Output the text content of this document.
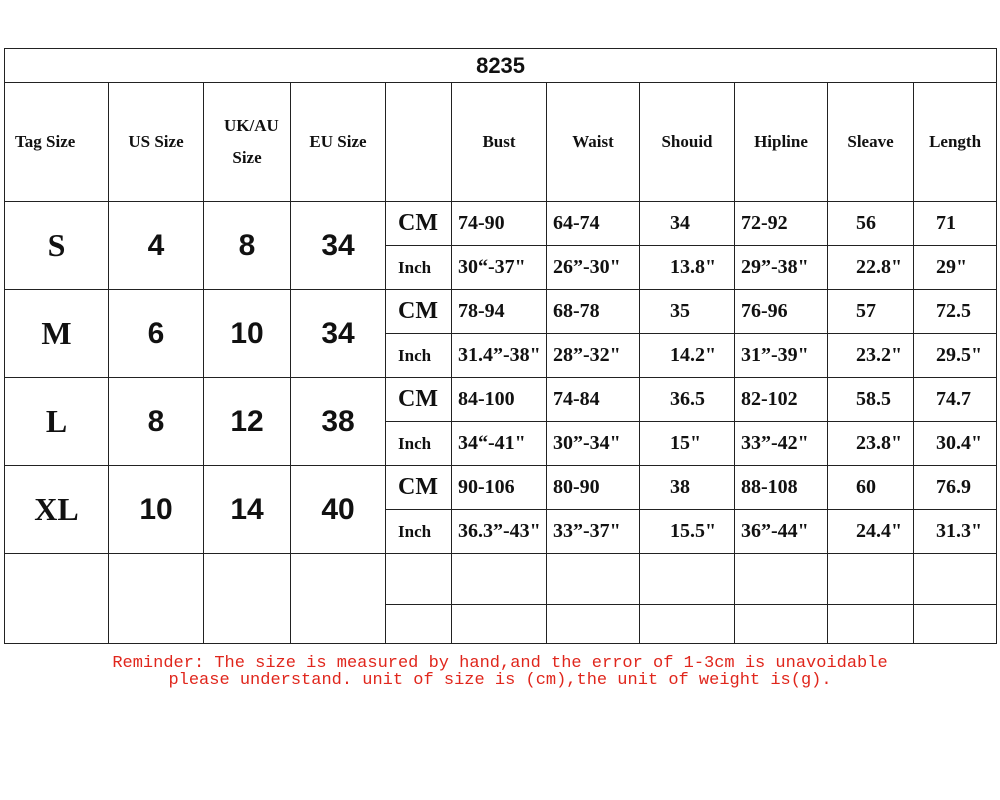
8235										
Tag Size	US Size	UK/AU Size	EU Size		Bust	Waist	Shouid	Hipline	Sleave	Length
S	4	8	34	CM	74-90	64-74	34	72-92	56	71
				Inch	30“-37"	26”-30"	13.8"	29”-38"	22.8"	29"
M	6	10	34	CM	78-94	68-78	35	76-96	57	72.5
				Inch	31.4”-38"	28”-32"	14.2"	31”-39"	23.2"	29.5"
L	8	12	38	CM	84-100	74-84	36.5	82-102	58.5	74.7
				Inch	34“-41"	30”-34"	15"	33”-42"	23.8"	30.4"
XL	10	14	40	CM	90-106	80-90	38	88-108	60	76.9
				Inch	36.3”-43"	33”-37"	15.5"	36”-44"	24.4"	31.3"

Reminder: The size is measured by hand,and the error of 1-3cm is unavoidable
please understand. unit of size is (cm),the unit of weight is(g).
